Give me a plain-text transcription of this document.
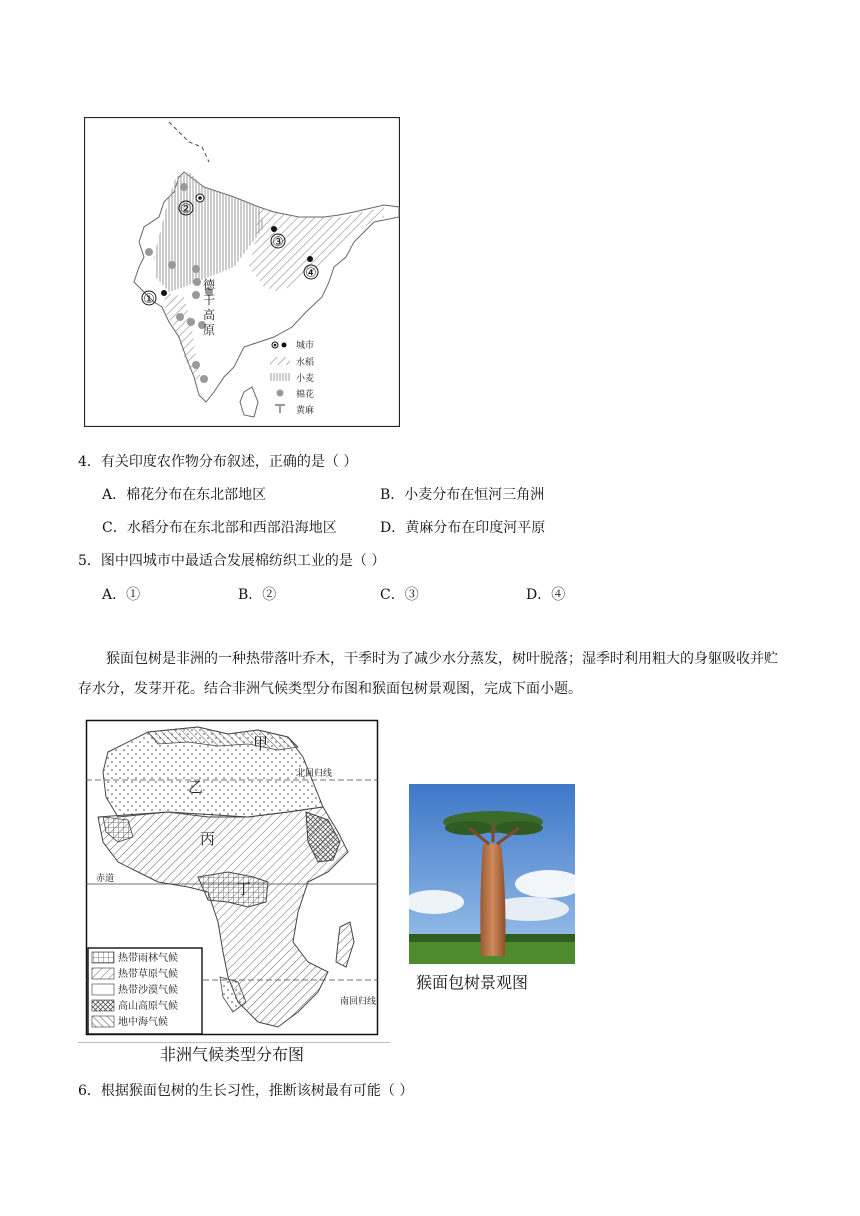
②
①
③
④
德
干
高
原
城市
水稻
小麦
棉花
黄麻
4．有关印度农作物分布叙述，正确的是（ ）
A．棉花分布在东北部地区	B．小麦分布在恒河三角洲
C．水稻分布在东北部和西部沿海地区	D．黄麻分布在印度河平原
5．图中四城市中最适合发展棉纺织工业的是（ ）
A．①	B．②	C．③	D．④
猴面包树是非洲的一种热带落叶乔木，干季时为了减少水分蒸发，树叶脱落；湿季时利用粗大的身躯吸收并贮存水分，发芽开花。结合非洲气候类型分布图和猴面包树景观图，完成下面小题。
北回归线
赤道
南回归线
甲
乙
丙
丁
热带雨林气候
热带草原气候
热带沙漠气候
高山高原气候
地中海气候
非洲气候类型分布图
猴面包树景观图
6．根据猴面包树的生长习性，推断该树最有可能（ ）
